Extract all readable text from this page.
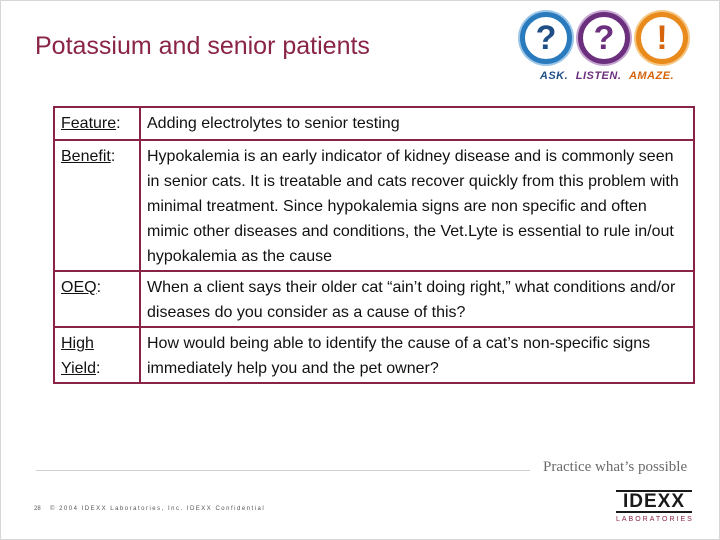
Potassium and senior patients	?	?	!
ASK. LISTEN. AMAZE.
Feature:	Adding electrolytes to senior testing
Benefit:	Hypokalemia is an early indicator of kidney disease and is commonly seen in senior cats. It is treatable and cats recover quickly from this problem with minimal treatment. Since hypokalemia signs are non specific and often mimic other diseases and conditions, the Vet.Lyte is essential to rule in/out hypokalemia as the cause
OEQ:	When a client says their older cat “ain’t doing right,” what conditions and/or diseases do you consider as a cause of this?
High
Yield:	How would being able to identify the cause of a cat’s non-specific signs immediately help you and the pet owner?
Practice what’s possible
28 © 2004 IDEXX Laboratories, Inc. IDEXX Confidential	IDEXX
LABORATORIES
